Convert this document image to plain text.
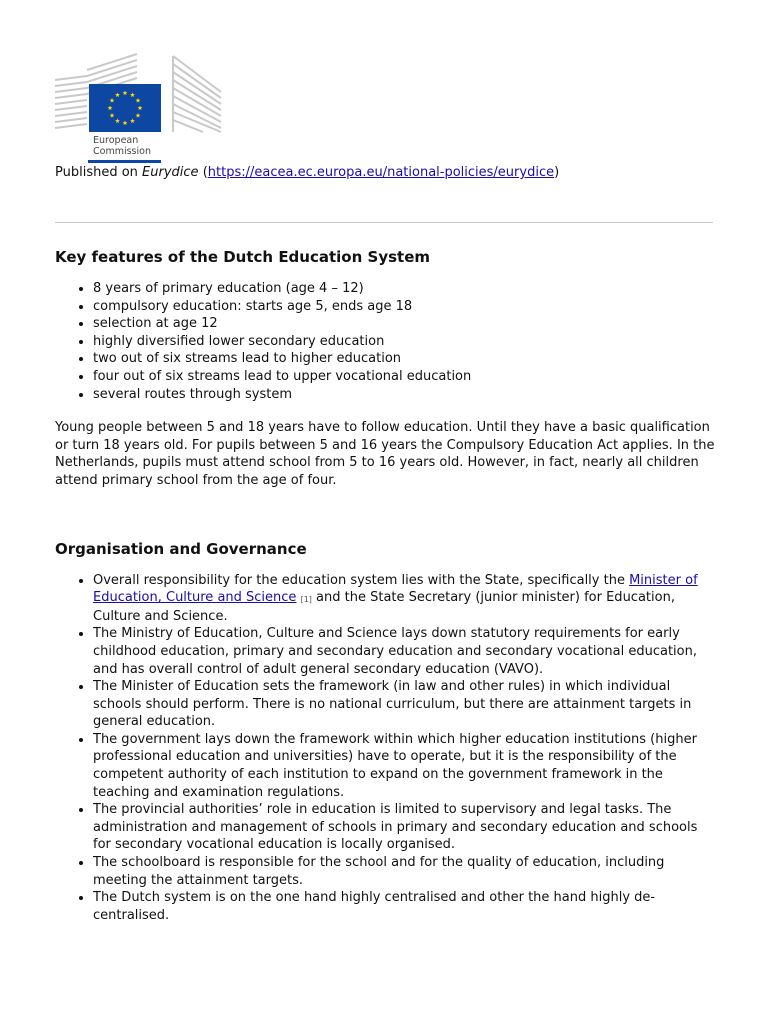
European
Commission
Published on Eurydice (https://eacea.ec.europa.eu/national-policies/eurydice)
Key features of the Dutch Education System
• 8 years of primary education (age 4 – 12)
• compulsory education: starts age 5, ends age 18
• selection at age 12
• highly diversified lower secondary education
• two out of six streams lead to higher education
• four out of six streams lead to upper vocational education
• several routes through system

Young people between 5 and 18 years have to follow education. Until they have a basic qualification or turn 18 years old. For pupils between 5 and 16 years the Compulsory Education Act applies. In the Netherlands, pupils must attend school from 5 to 16 years old. However, in fact, nearly all children attend primary school from the age of four.

Organisation and Governance
• Overall responsibility for the education system lies with the State, specifically the Minister of Education, Culture and Science [1] and the State Secretary (junior minister) for Education, Culture and Science.
• The Ministry of Education, Culture and Science lays down statutory requirements for early childhood education, primary and secondary education and secondary vocational education, and has overall control of adult general secondary education (VAVO).
• The Minister of Education sets the framework (in law and other rules) in which individual schools should perform. There is no national curriculum, but there are attainment targets in general education.
• The government lays down the framework within which higher education institutions (higher professional education and universities) have to operate, but it is the responsibility of the competent authority of each institution to expand on the government framework in the teaching and examination regulations.
• The provincial authorities’ role in education is limited to supervisory and legal tasks. The administration and management of schools in primary and secondary education and schools for secondary vocational education is locally organised.
• The schoolboard is responsible for the school and for the quality of education, including meeting the attainment targets.
• The Dutch system is on the one hand highly centralised and other the hand highly de-centralised.
